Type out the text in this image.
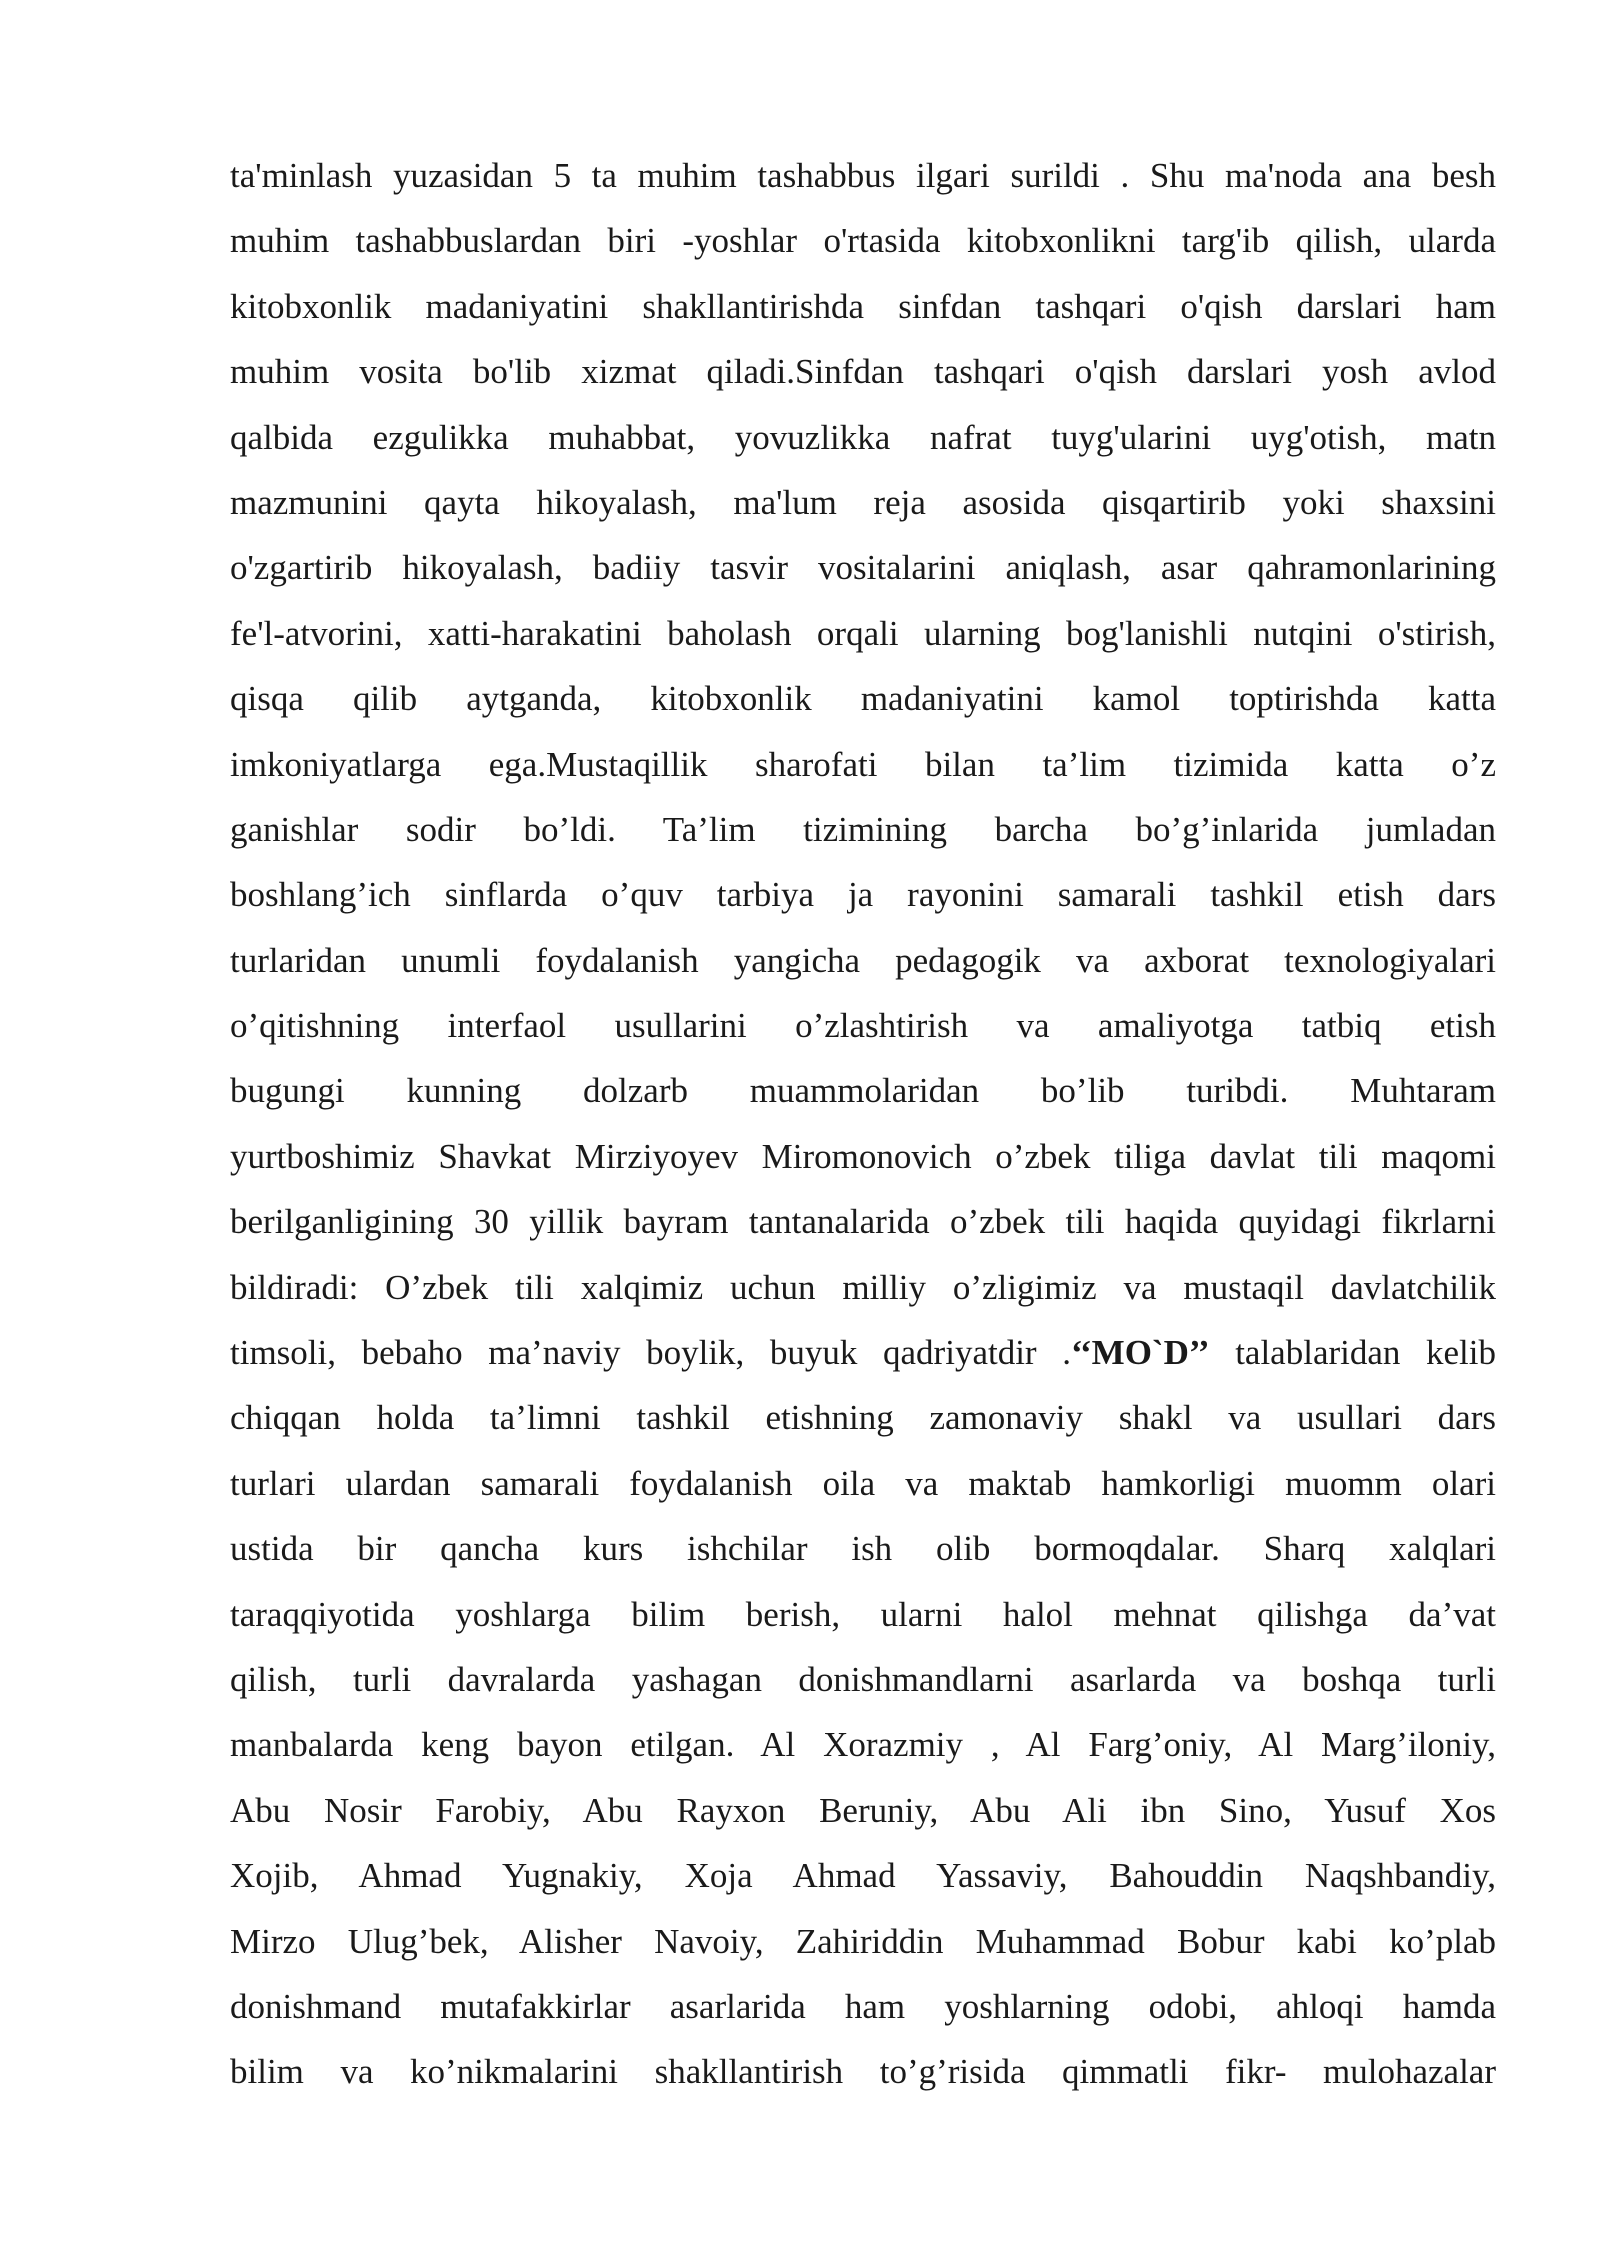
ta'minlash yuzasidan 5 ta muhim tashabbus ilgari surildi . Shu ma'noda ana besh
muhim tashabbuslardan biri -yoshlar o'rtasida kitobxonlikni targ'ib qilish, ularda
kitobxonlik madaniyatini shakllantirishda sinfdan tashqari o'qish darslari ham
muhim vosita bo'lib xizmat qiladi.Sinfdan tashqari o'qish darslari yosh avlod
qalbida ezgulikka muhabbat, yovuzlikka nafrat tuyg'ularini uyg'otish, matn
mazmunini qayta hikoyalash, ma'lum reja asosida qisqartirib yoki shaxsini
o'zgartirib hikoyalash, badiiy tasvir vositalarini aniqlash, asar qahramonlarining
fe'l-atvorini, xatti-harakatini baholash orqali ularning bog'lanishli nutqini o'stirish,
qisqa qilib aytganda, kitobxonlik madaniyatini kamol toptirishda katta
imkoniyatlarga ega.Mustaqillik sharofati bilan ta’lim tizimida katta o’z
ganishlar sodir bo’ldi. Ta’lim tizimining barcha bo’g’inlarida jumladan
boshlang’ich sinflarda o’quv tarbiya ja rayonini samarali tashkil etish dars
turlaridan unumli foydalanish yangicha pedagogik va axborat texnologiyalari
o’qitishning interfaol usullarini o’zlashtirish va amaliyotga tatbiq etish
bugungi kunning dolzarb muammolaridan bo’lib turibdi. Muhtaram
yurtboshimiz Shavkat Mirziyoyev Miromonovich o’zbek tiliga davlat tili maqomi
berilganligining 30 yillik bayram tantanalarida o’zbek tili haqida quyidagi fikrlarni
bildiradi: O’zbek tili xalqimiz uchun milliy o’zligimiz va mustaqil davlatchilik
timsoli, bebaho ma’naviy boylik, buyuk qadriyatdir .‘‘MO`D’’ talablaridan kelib
chiqqan holda ta’limni tashkil etishning zamonaviy shakl va usullari dars
turlari ulardan samarali foydalanish oila va maktab hamkorligi muomm olari
ustida bir qancha kurs ishchilar ish olib bormoqdalar. Sharq xalqlari
taraqqiyotida yoshlarga bilim berish, ularni halol mehnat qilishga da’vat
qilish, turli davralarda yashagan donishmandlarni asarlarda va boshqa turli
manbalarda keng bayon etilgan. Al Xorazmiy , Al Farg’oniy, Al Marg’iloniy,
Abu Nosir Farobiy, Abu Rayxon Beruniy, Abu Ali ibn Sino, Yusuf Xos
Xojib, Ahmad Yugnakiy, Xoja Ahmad Yassaviy, Bahouddin Naqshbandiy,
Mirzo Ulug’bek, Alisher Navoiy, Zahiriddin Muhammad Bobur kabi ko’plab
donishmand mutafakkirlar asarlarida ham yoshlarning odobi, ahloqi hamda
bilim va ko’nikmalarini shakllantirish to’g’risida qimmatli fikr- mulohazalar
